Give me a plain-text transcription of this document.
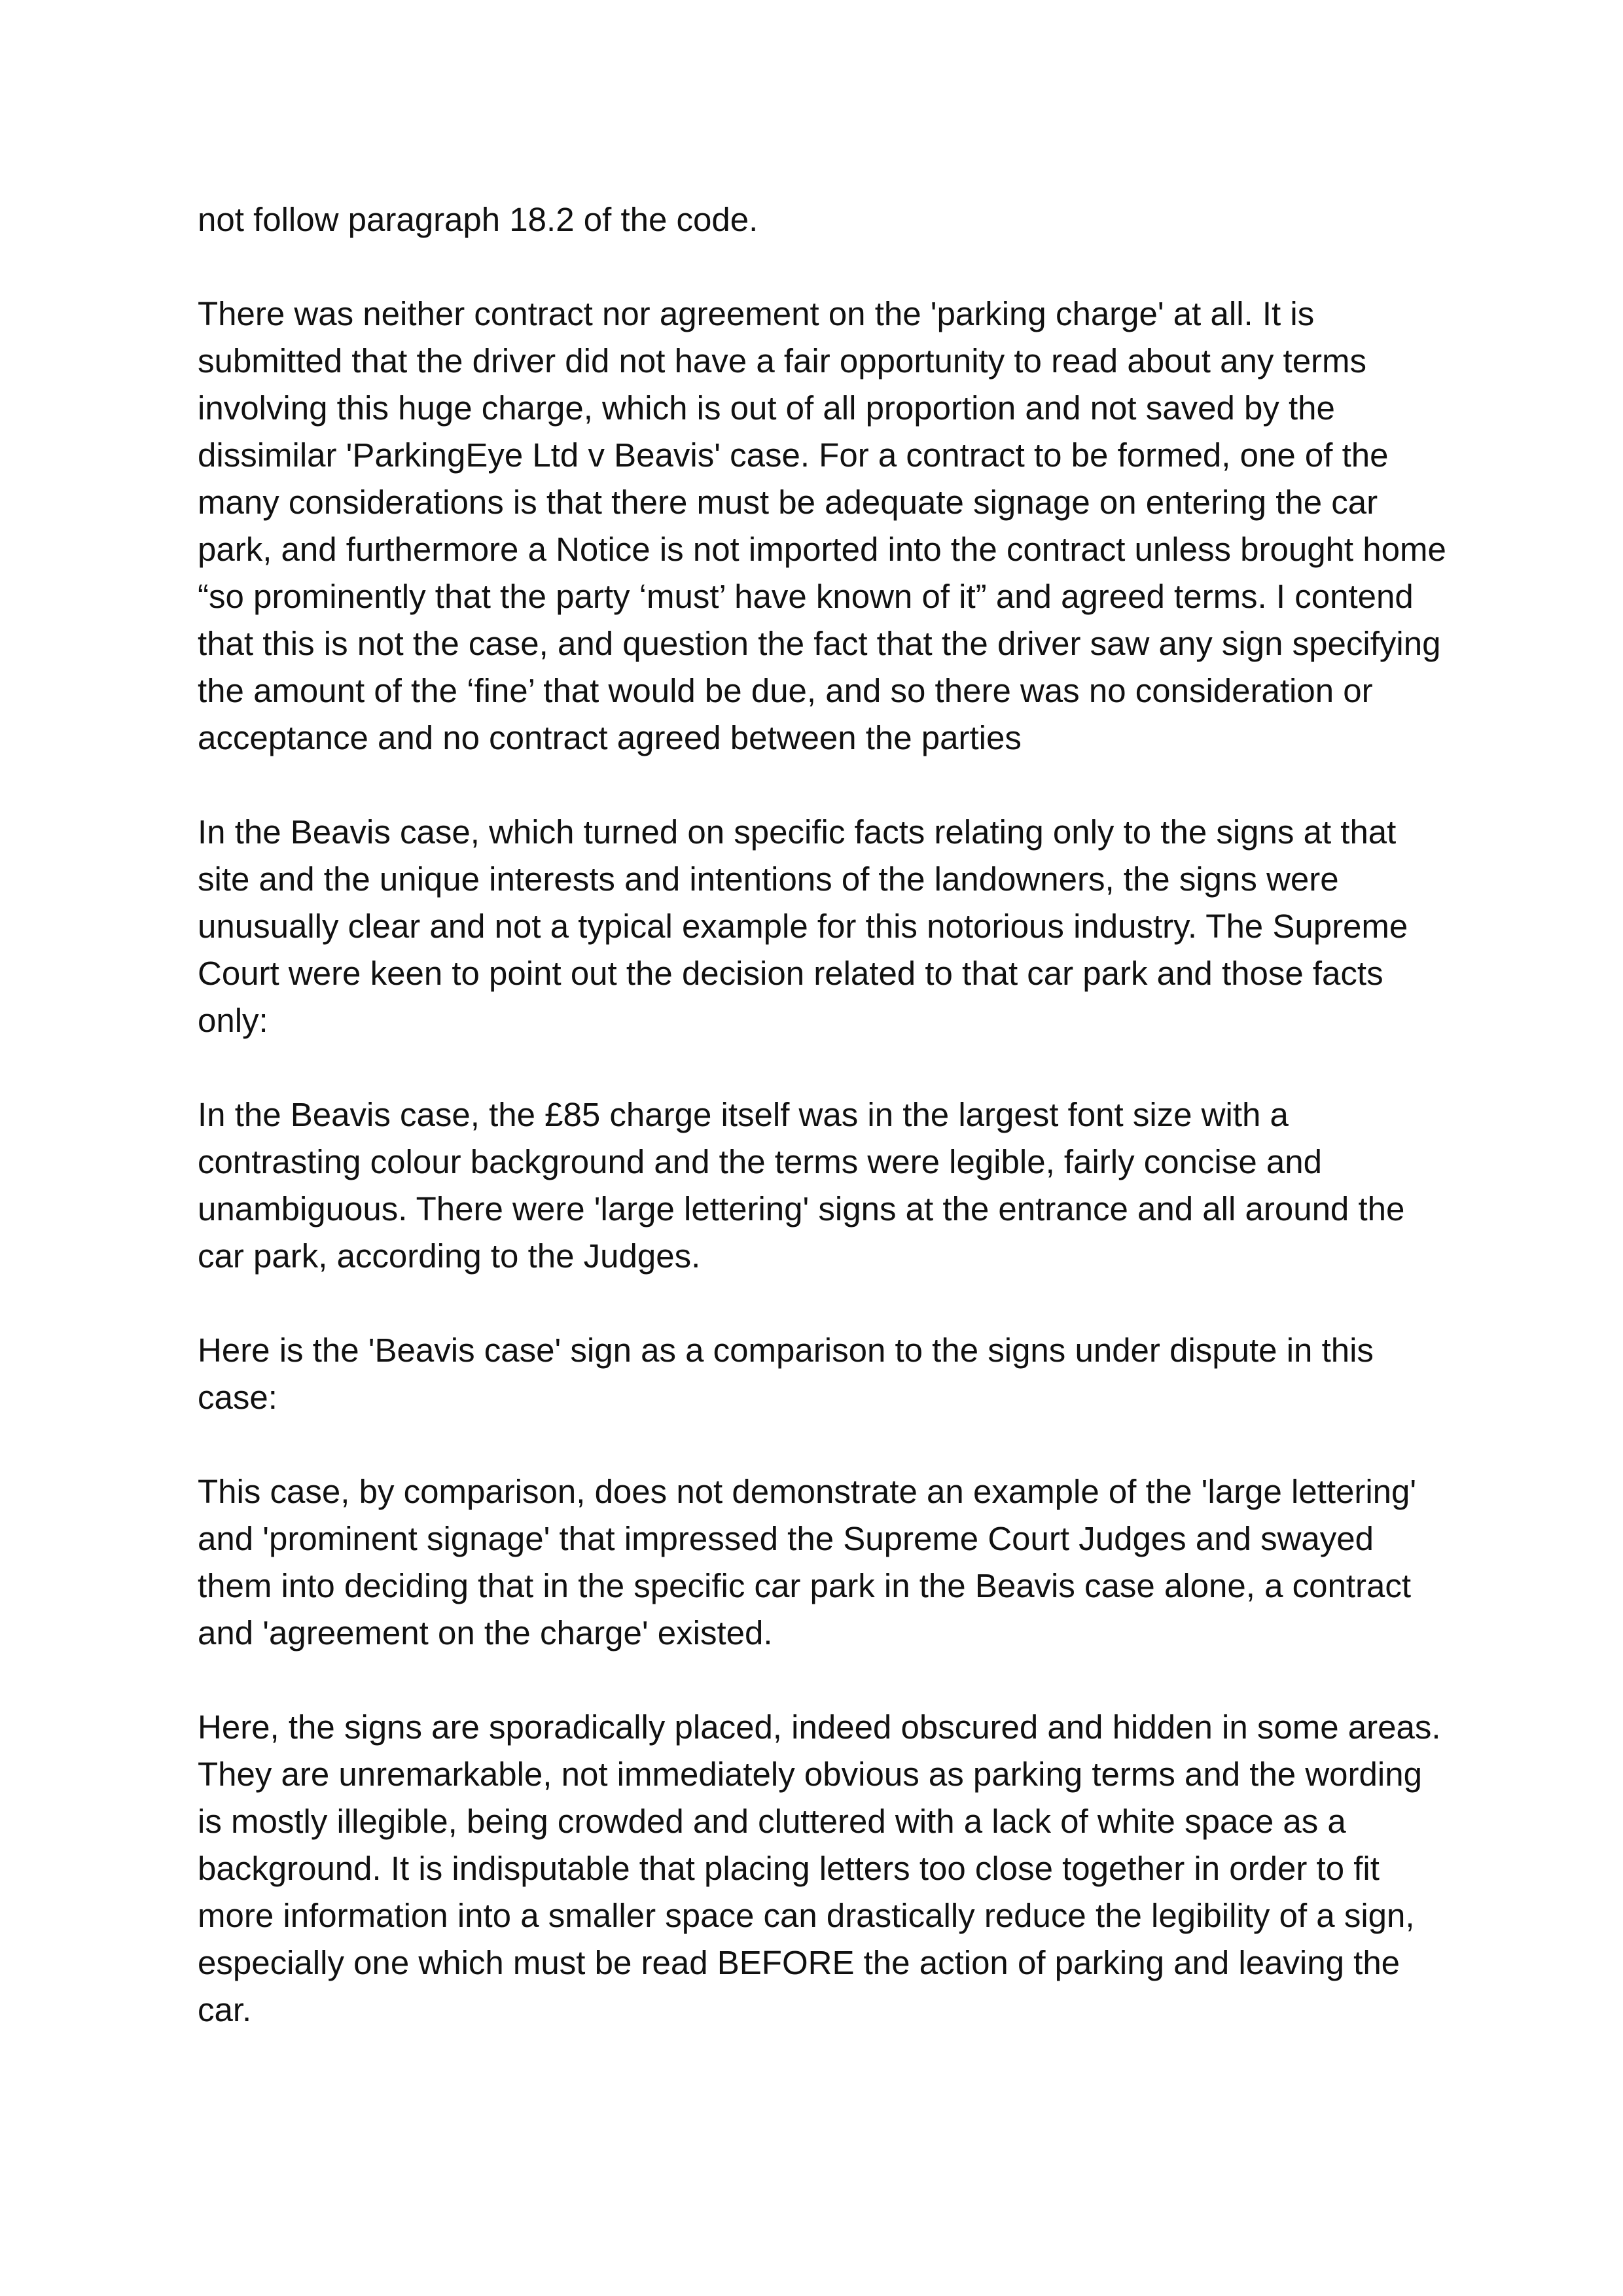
not follow paragraph 18.2 of the code.

There was neither contract nor agreement on the 'parking charge' at all. It is submitted that the driver did not have a fair opportunity to read about any terms involving this huge charge, which is out of all proportion and not saved by the dissimilar 'ParkingEye Ltd v Beavis' case. For a contract to be formed, one of the many considerations is that there must be adequate signage on entering the car park, and furthermore a Notice is not imported into the contract unless brought home “so prominently that the party ‘must’ have known of it” and agreed terms. I contend that this is not the case, and question the fact that the driver saw any sign specifying the amount of the ‘fine’ that would be due, and so there was no consideration or acceptance and no contract agreed between the parties

In the Beavis case, which turned on specific facts relating only to the signs at that site and the unique interests and intentions of the landowners, the signs were unusually clear and not a typical example for this notorious industry. The Supreme Court were keen to point out the decision related to that car park and those facts only:

In the Beavis case, the £85 charge itself was in the largest font size with a contrasting colour background and the terms were legible, fairly concise and unambiguous. There were 'large lettering' signs at the entrance and all around the car park, according to the Judges.

Here is the 'Beavis case' sign as a comparison to the signs under dispute in this case:

This case, by comparison, does not demonstrate an example of the 'large lettering' and 'prominent signage' that impressed the Supreme Court Judges and swayed them into deciding that in the specific car park in the Beavis case alone, a contract and 'agreement on the charge' existed.

Here, the signs are sporadically placed, indeed obscured and hidden in some areas. They are unremarkable, not immediately obvious as parking terms and the wording is mostly illegible, being crowded and cluttered with a lack of white space as a background. It is indisputable that placing letters too close together in order to fit more information into a smaller space can drastically reduce the legibility of a sign, especially one which must be read BEFORE the action of parking and leaving the car.
